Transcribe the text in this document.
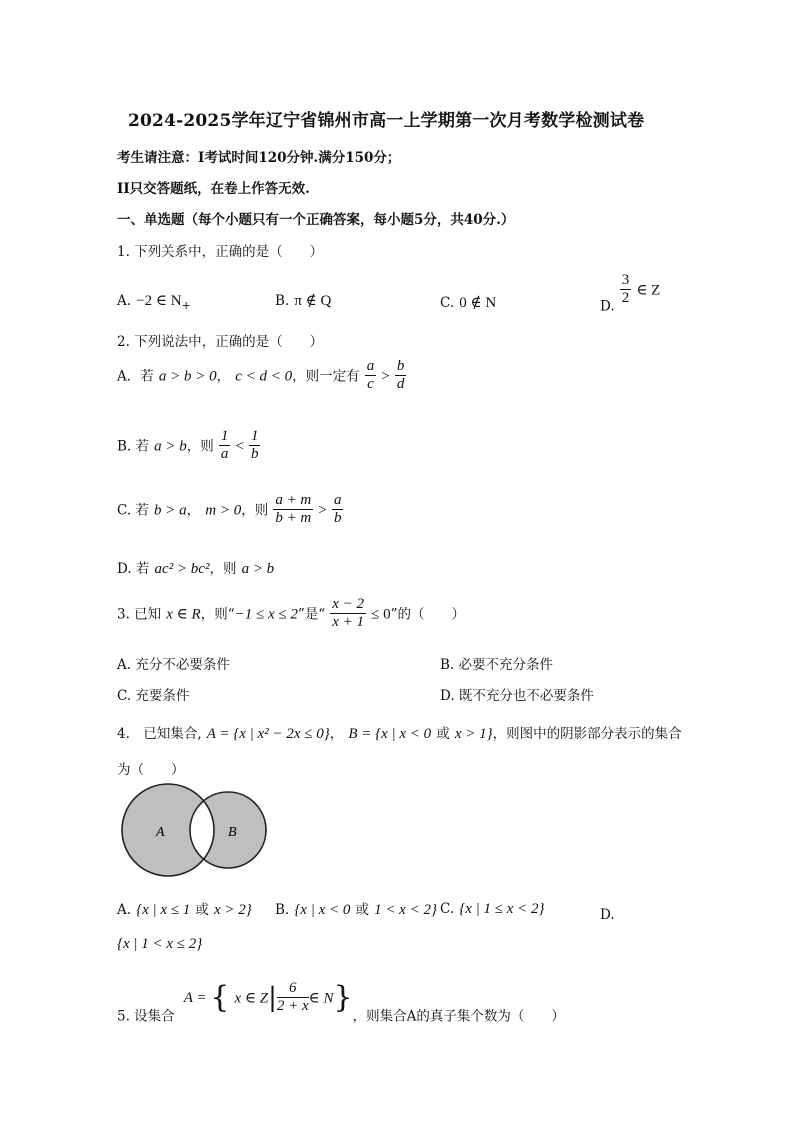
2024-2025学年辽宁省锦州市高一上学期第一次月考数学检测试卷
考生请注意：I考试时间120分钟.满分150分；
II只交答题纸，在卷上作答无效.
一、单选题（每个小题只有一个正确答案，每小题5分，共40分.）
1. 下列关系中，正确的是（　　）
A. −2 ∈ $N_+$	B. π ∉ Q	C. 0 ∉ N	$_{D.} \frac{3}{2}$ ∈ Z
2. 下列说法中，正确的是（　　）
A．若 a > b > 0， c < d < 0，则一定有 $\frac{a}{c} > \frac{b}{d}$
B. 若 a > b，则 $\frac{1}{a} < \frac{1}{b}$
C. 若 b > a， m > 0，则 $\frac{a + m}{b + m} > \frac{a}{b}$
D. 若 ac² > bc²，则 a > b
3. 已知 x ∈ R，则“−1 ≤ x ≤ 2”是“ $\frac{x - 2}{x + 1} \le 0$”的（　　）
A. 充分不必要条件	B. 必要不充分条件
C. 充要条件	D. 既不充分也不必要条件
4.　已知集合, A = {x | x² − 2x ≤ 0}， B = {x | x < 0 或 x > 1}，则图中的阴影部分表示的集合
为（　　）
A	B
A. {x | x ≤ 1 或 x > 2} B. {x | x < 0 或 1 < x < 2} C. {x | 1 ≤ x < 2}	D.
{x | 1 < x ≤ 2}
$_{5. 设集合}$ A = { x ∈ $Z| \frac{6}{2 + x}$ ∈ $N\}_{,则集合A的真子集个数为( )}$
